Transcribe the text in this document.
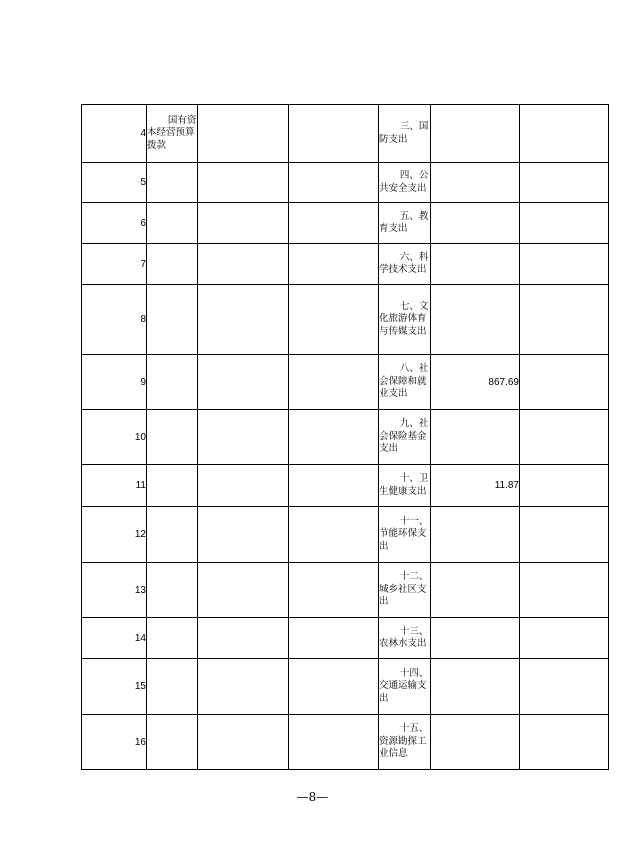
4	国有资本经营预算拨款			三、国防支出		

5				四、公共安全支出		

6				五、教育支出		

7				六、科学技术支出		

8				七、文化旅游体育与传媒支出		

9				八、社会保障和就业支出	867.69	
10				九、社会保险基金支出		

11				十、卫生健康支出	11.87	
12				十一、节能环保支出		

13				十二、城乡社区支出		

14				十三、农林水支出		

15				十四、交通运输支出		

16				十五、资源勘探工业信息		

—8—
